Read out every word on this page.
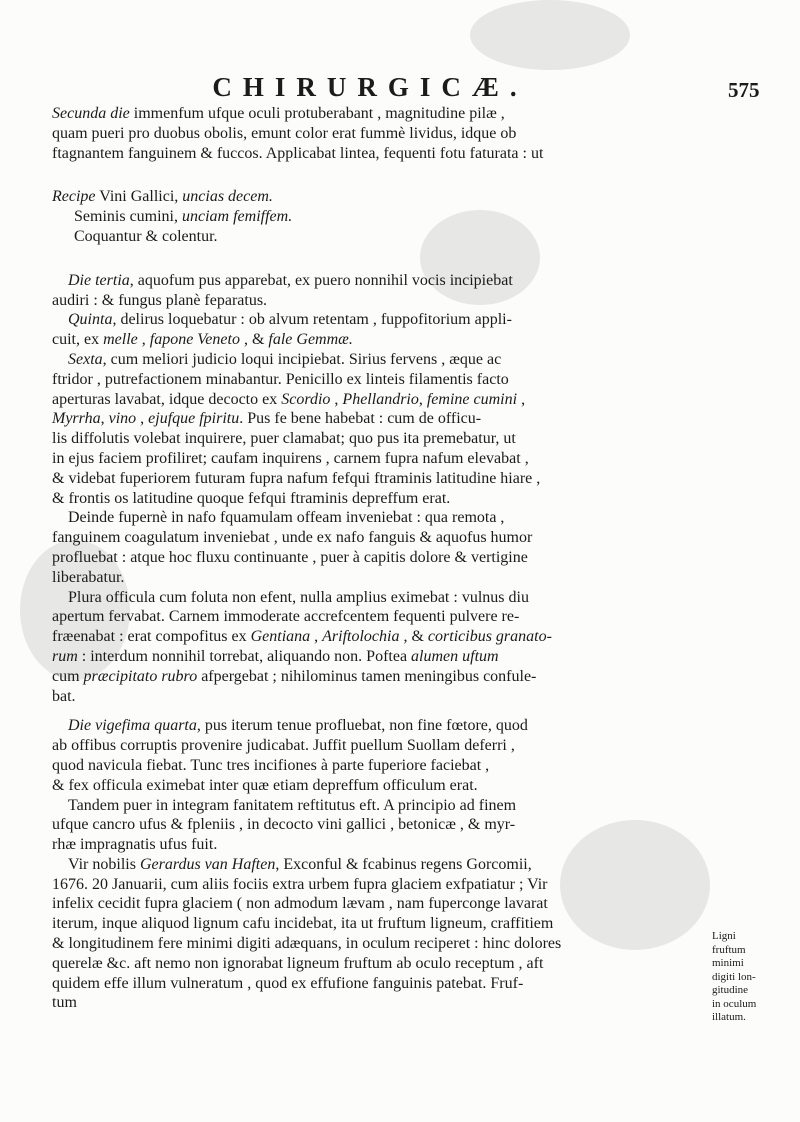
CHIRURGICÆ.	575
Secunda die immenfum ufque oculi protuberabant , magnitudine pilæ ,
quam pueri pro duobus obolis, emunt color erat fummè lividus, idque ob
ftagnantem fanguinem & fuccos. Applicabat lintea, fequenti fotu faturata : ut
Recipe Vini Gallici, uncias decem.
Seminis cumini, unciam femiffem.
Coquantur & colentur.
Die tertia, aquofum pus apparebat, ex puero nonnihil vocis incipiebat
audiri : & fungus planè feparatus.
Quinta, delirus loquebatur : ob alvum retentam , fuppofitorium appli-
cuit, ex melle , fapone Veneto , & fale Gemmæ.
Sexta, cum meliori judicio loqui incipiebat. Sirius fervens , æque ac
ftridor , putrefactionem minabantur. Penicillo ex linteis filamentis facto
aperturas lavabat, idque decocto ex Scordio , Phellandrio, femine cumini ,
Myrrha, vino , ejufque fpiritu. Pus fe bene habebat : cum de officu-
lis diffolutis volebat inquirere, puer clamabat; quo pus ita premebatur, ut
in ejus faciem profiliret; caufam inquirens , carnem fupra nafum elevabat ,
& videbat fuperiorem futuram fupra nafum fefqui ftraminis latitudine hiare ,
& frontis os latitudine quoque fefqui ftraminis depreffum erat.
Deinde fupernè in nafo fquamulam offeam inveniebat : qua remota ,
fanguinem coagulatum inveniebat , unde ex nafo fanguis & aquofus humor
profluebat : atque hoc fluxu continuante , puer à capitis dolore & vertigine
liberabatur.
Plura officula cum foluta non efent, nulla amplius eximebat : vulnus diu
apertum fervabat. Carnem immoderate accrefcentem fequenti pulvere re-
fræenabat : erat compofitus ex Gentiana , Ariftolochia , & corticibus granato-
rum : interdum nonnihil torrebat, aliquando non. Poftea alumen uftum
cum præcipitato rubro afpergebat ; nihilominus tamen meningibus confule-
bat.
Die vigefima quarta, pus iterum tenue profluebat, non fine fœtore, quod
ab offibus corruptis provenire judicabat. Juffit puellum Suollam deferri ,
quod navicula fiebat. Tunc tres incifiones à parte fuperiore faciebat ,
& fex officula eximebat inter quæ etiam depreffum officulum erat.
Tandem puer in integram fanitatem reftitutus eft. A principio ad finem
ufque cancro ufus & fpleniis , in decocto vini gallici , betonicæ , & myr-
rhæ impragnatis ufus fuit.
Vir nobilis Gerardus van Haften, Exconful & fcabinus regens Gorcomii,
1676. 20 Januarii, cum aliis fociis extra urbem fupra glaciem exfpatiatur ; Vir
infelix cecidit fupra glaciem ( non admodum lævam , nam fuperconge lavarat
iterum, inque aliquod lignum cafu incidebat, ita ut fruftum ligneum, craffitiem
& longitudinem fere minimi digiti adæquans, in oculum reciperet : hinc dolores
querelæ &c. aft nemo non ignorabat ligneum fruftum ab oculo receptum , aft
quidem effe illum vulneratum , quod ex effufione fanguinis patebat. Fruf-
tum
Ligni
fruftum
minimi
digiti lon-
gitudine
in oculum
illatum.
